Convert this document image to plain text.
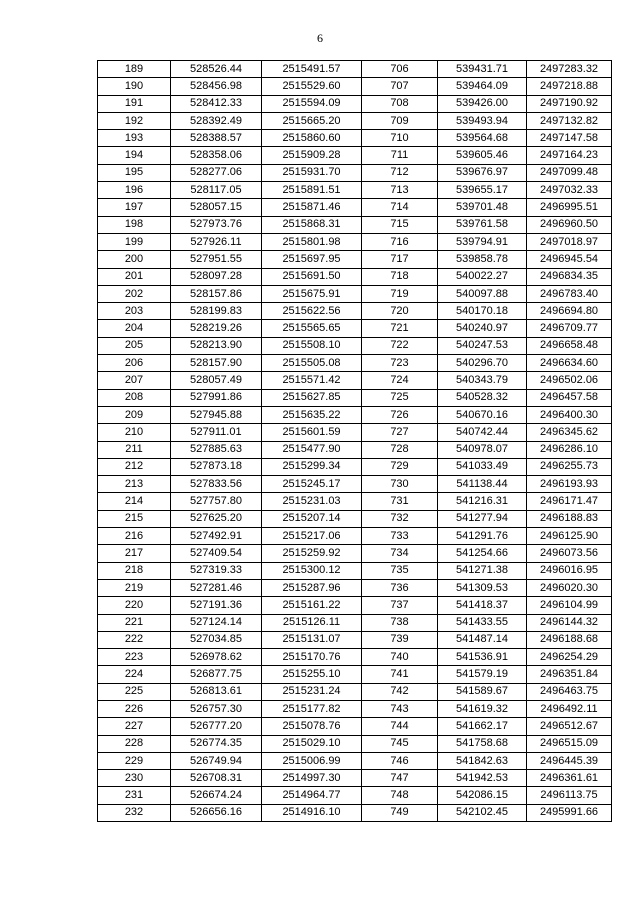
6
189	528526.44	2515491.57	706	539431.71	2497283.32
190	528456.98	2515529.60	707	539464.09	2497218.88
191	528412.33	2515594.09	708	539426.00	2497190.92
192	528392.49	2515665.20	709	539493.94	2497132.82
193	528388.57	2515860.60	710	539564.68	2497147.58
194	528358.06	2515909.28	711	539605.46	2497164.23
195	528277.06	2515931.70	712	539676.97	2497099.48
196	528117.05	2515891.51	713	539655.17	2497032.33
197	528057.15	2515871.46	714	539701.48	2496995.51
198	527973.76	2515868.31	715	539761.58	2496960.50
199	527926.11	2515801.98	716	539794.91	2497018.97
200	527951.55	2515697.95	717	539858.78	2496945.54
201	528097.28	2515691.50	718	540022.27	2496834.35
202	528157.86	2515675.91	719	540097.88	2496783.40
203	528199.83	2515622.56	720	540170.18	2496694.80
204	528219.26	2515565.65	721	540240.97	2496709.77
205	528213.90	2515508.10	722	540247.53	2496658.48
206	528157.90	2515505.08	723	540296.70	2496634.60
207	528057.49	2515571.42	724	540343.79	2496502.06
208	527991.86	2515627.85	725	540528.32	2496457.58
209	527945.88	2515635.22	726	540670.16	2496400.30
210	527911.01	2515601.59	727	540742.44	2496345.62
211	527885.63	2515477.90	728	540978.07	2496286.10
212	527873.18	2515299.34	729	541033.49	2496255.73
213	527833.56	2515245.17	730	541138.44	2496193.93
214	527757.80	2515231.03	731	541216.31	2496171.47
215	527625.20	2515207.14	732	541277.94	2496188.83
216	527492.91	2515217.06	733	541291.76	2496125.90
217	527409.54	2515259.92	734	541254.66	2496073.56
218	527319.33	2515300.12	735	541271.38	2496016.95
219	527281.46	2515287.96	736	541309.53	2496020.30
220	527191.36	2515161.22	737	541418.37	2496104.99
221	527124.14	2515126.11	738	541433.55	2496144.32
222	527034.85	2515131.07	739	541487.14	2496188.68
223	526978.62	2515170.76	740	541536.91	2496254.29
224	526877.75	2515255.10	741	541579.19	2496351.84
225	526813.61	2515231.24	742	541589.67	2496463.75
226	526757.30	2515177.82	743	541619.32	2496492.11
227	526777.20	2515078.76	744	541662.17	2496512.67
228	526774.35	2515029.10	745	541758.68	2496515.09
229	526749.94	2515006.99	746	541842.63	2496445.39
230	526708.31	2514997.30	747	541942.53	2496361.61
231	526674.24	2514964.77	748	542086.15	2496113.75
232	526656.16	2514916.10	749	542102.45	2495991.66
